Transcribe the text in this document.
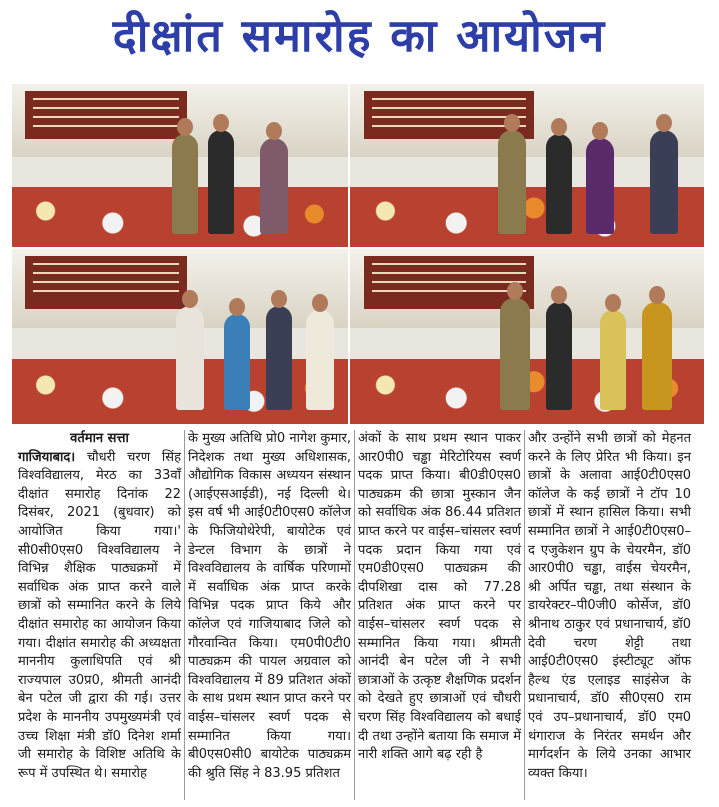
दीक्षांत समारोह का आयोजन
वर्तमान सत्ता
गाजियाबाद। चौधरी चरण सिंह विश्वविद्यालय, मेरठ का 33वाँ दीक्षांत समारोह दिनांक 22 दिसंबर, 2021 (बुधवार) को आयोजित किया गया।' सी0सी0एस0 विश्वविद्यालय ने विभिन्न शैक्षिक पाठ्यक्रमों में सर्वाधिक अंक प्राप्त करने वाले छात्रों को सम्मानित करने के लिये दीक्षांत समारोह का आयोजन किया गया। दीक्षांत समारोह की अध्यक्षता माननीय कुलाधिपति एवं श्री राज्यपाल उ0प्र0, श्रीमती आनंदी बेन पटेल जी द्वारा की गई। उत्तर प्रदेश के माननीय उपमुख्यमंत्री एवं उच्च शिक्षा मंत्री डॉ0 दिनेश शर्मा जी समारोह के विशिष्ट अतिथि के रूप में उपस्थित थे। समारोह
के मुख्य अतिथि प्रो0 नागेश कुमार, निदेशक तथा मुख्य अधिशासक, औद्योगिक विकास अध्ययन संस्थान (आईएसआईडी), नई दिल्ली थे। इस वर्ष भी आई0टी0एस0 कॉलेज के फिजियोथेरेपी, बायोटेक एवं डेन्टल विभाग के छात्रों ने विश्वविद्यालय के वार्षिक परिणामों में सर्वाधिक अंक प्राप्त करके विभिन्न पदक प्राप्त किये और कॉलेज एवं गाजियाबाद जिले को गौरवान्वित किया। एम0पी0टी0 पाठ्यक्रम की पायल अग्रवाल को विश्वविद्यालय में 89 प्रतिशत अंकों के साथ प्रथम स्थान प्राप्त करने पर वाईस–चांसलर स्वर्ण पदक से सम्मानित किया गया। बी0एस0सी0 बायोटेक पाठ्यक्रम की श्रुति सिंह ने 83.95 प्रतिशत
अंकों के साथ प्रथम स्थान पाकर आर0पी0 चड्ढा मेरिटोरियस स्वर्ण पदक प्राप्त किया। बी0डी0एस0 पाठ्यक्रम की छात्रा मुस्कान जैन को सर्वाधिक अंक 86.44 प्रतिशत प्राप्त करने पर वाईस–चांसलर स्वर्ण पदक प्रदान किया गया एवं एम0डी0एस0 पाठ्यक्रम की दीपशिखा दास को 77.28 प्रतिशत अंक प्राप्त करने पर वाईस–चांसलर स्वर्ण पदक से सम्मानित किया गया। श्रीमती आनंदी बेन पटेल जी ने सभी छात्राओं के उत्कृष्ट शैक्षणिक प्रदर्शन को देखते हुए छात्राओं एवं चौधरी चरण सिंह विश्वविद्यालय को बधाई दी तथा उन्होंने बताया कि समाज में नारी शक्ति आगे बढ़ रही है
और उन्होंने सभी छात्रों को मेहनत करने के लिए प्रेरित भी किया। इन छात्रों के अलावा आई0टी0एस0 कॉलेज के कई छात्रों ने टॉप 10 छात्रों में स्थान हासिल किया। सभी सम्मानित छात्रों ने आई0टी0एस0–द एजुकेशन ग्रुप के चेयरमैन, डॉ0 आर0पी0 चड्ढा, वाईस चेयरमैन, श्री अर्पित चड्ढा, तथा संस्थान के डायरेक्टर–पी0जी0 कोर्सेज, डॉ0 श्रीनाथ ठाकुर एवं प्रधानाचार्य, डॉ0 देवी चरण शेट्टी तथा आई0टी0एस0 इंस्टीट्यूट ऑफ हैल्थ एंड एलाइड साइंसेज के प्रधानाचार्य, डॉ0 सी0एस0 राम एवं उप–प्रधानाचार्य, डॉ0 एम0 थंगाराज के निरंतर समर्थन और मार्गदर्शन के लिये उनका आभार व्यक्त किया।
